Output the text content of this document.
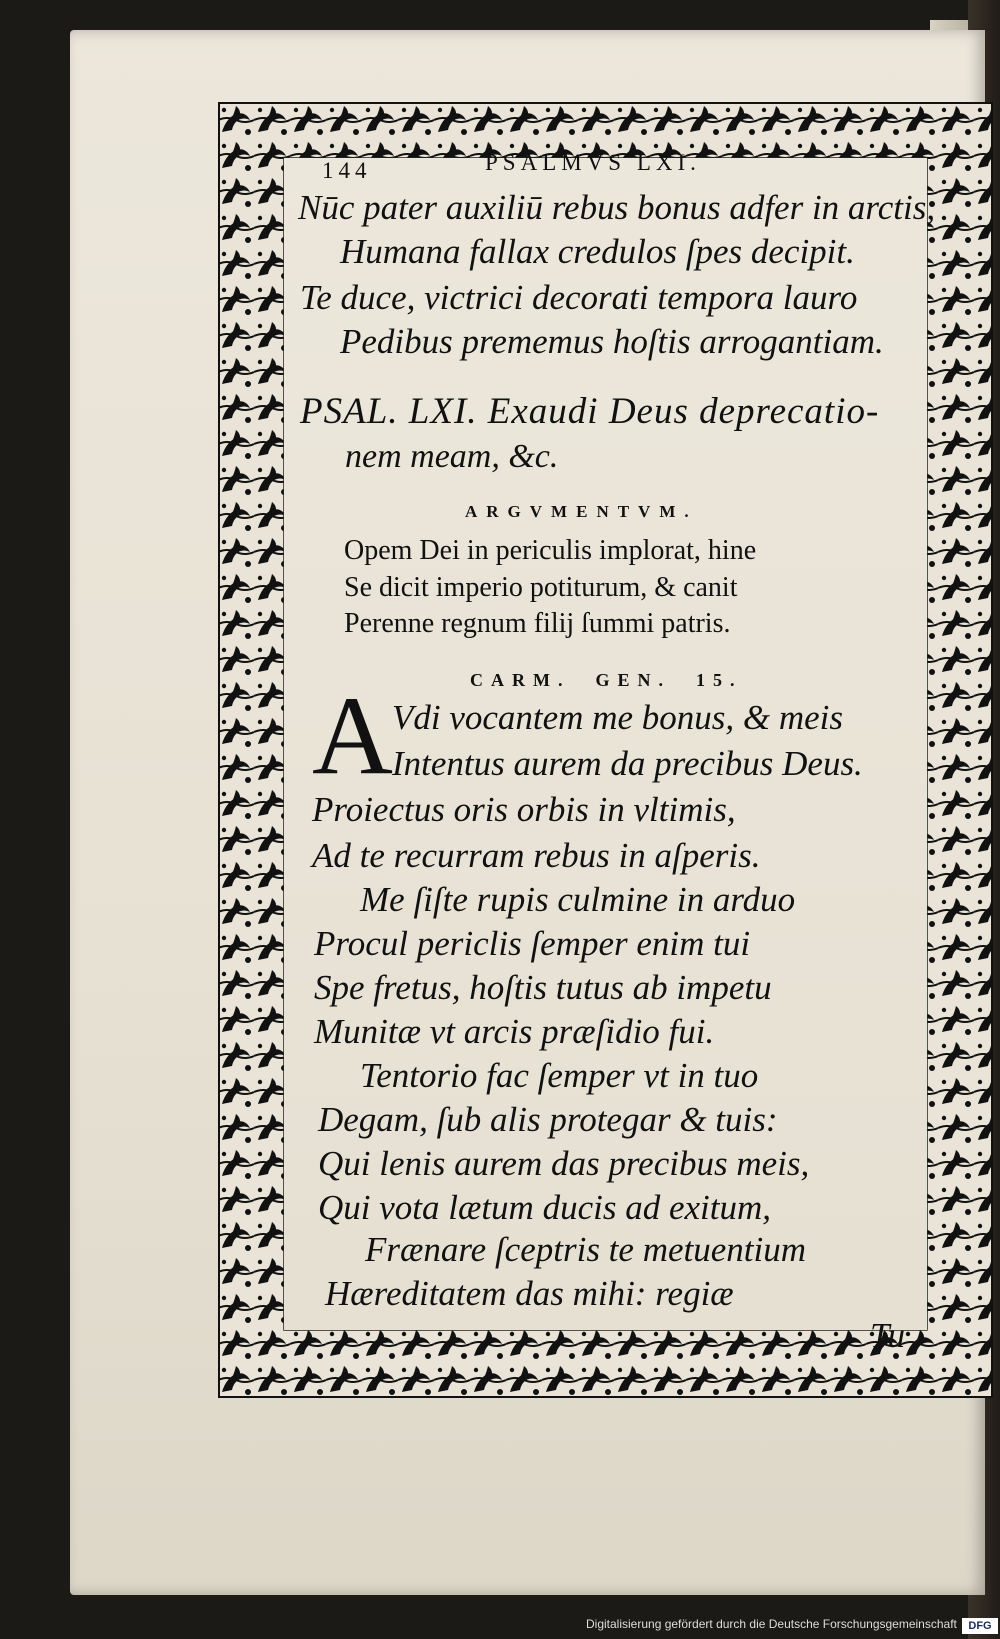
144	PSALMVS LXI.
Nūc pater auxiliū rebus bonus adfer in arctis,
Humana fallax credulos ſpes decipit.
Te duce, victrici decorati tempora lauro
Pedibus prememus hoſtis arrogantiam.
PSAL. LXI. Exaudi Deus deprecatio-
nem meam, &c.
ARGVMENTVM.
Opem Dei in periculis implorat, hine
Se dicit imperio potiturum, & canit
Perenne regnum filij ſummi patris.
CARM.  GEN.  15.
A Vdi vocantem me bonus, & meis
Intentus aurem da precibus Deus.
Proiectus oris orbis in vltimis,
Ad te recurram rebus in aſperis.
Me ſiſte rupis culmine in arduo
Procul periclis ſemper enim tui
Spe fretus, hoſtis tutus ab impetu
Munitæ vt arcis præſidio fui.
Tentorio fac ſemper vt in tuo
Degam, ſub alis protegar & tuis:
Qui lenis aurem das precibus meis,
Qui vota lætum ducis ad exitum,
Frænare ſceptris te metuentium
Hæreditatem das mihi: regiæ
Tu
Digitalisierung gefördert durch die Deutsche Forschungsgemeinschaft	DFG
